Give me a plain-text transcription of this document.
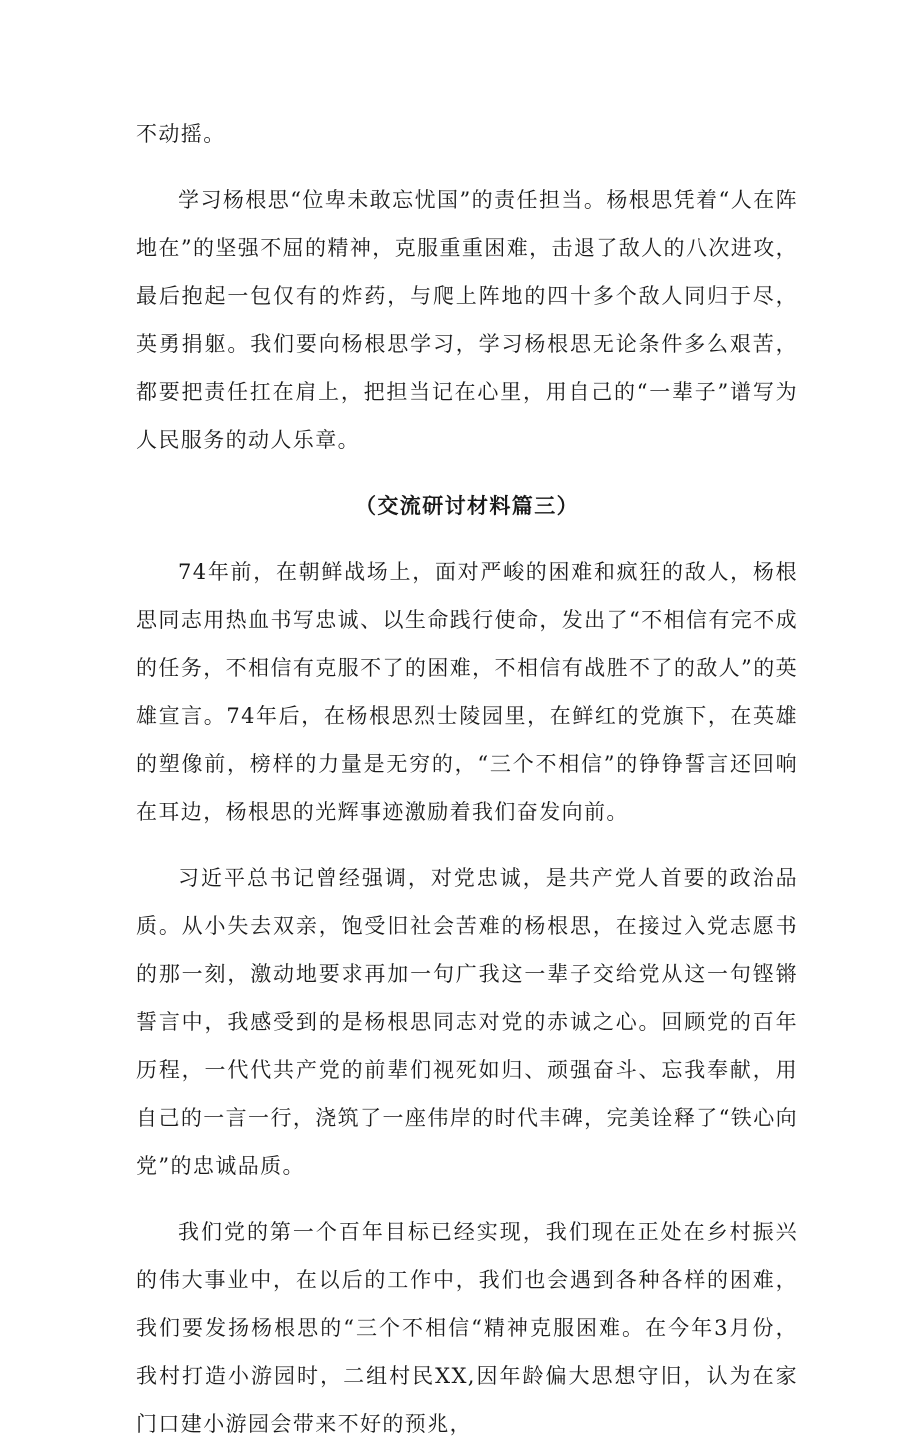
不动摇。

学习杨根思“位卑未敢忘忧国”的责任担当。杨根思凭着“人在阵地在”的坚强不屈的精神，克服重重困难，击退了敌人的八次进攻，最后抱起一包仅有的炸药，与爬上阵地的四十多个敌人同归于尽，英勇捐躯。我们要向杨根思学习，学习杨根思无论条件多么艰苦，都要把责任扛在肩上，把担当记在心里，用自己的“一辈子”谱写为人民服务的动人乐章。

（交流研讨材料篇三）

74年前，在朝鲜战场上，面对严峻的困难和疯狂的敌人，杨根思同志用热血书写忠诚、以生命践行使命，发出了“不相信有完不成的任务，不相信有克服不了的困难，不相信有战胜不了的敌人”的英雄宣言。74年后，在杨根思烈士陵园里，在鲜红的党旗下，在英雄的塑像前，榜样的力量是无穷的，“三个不相信”的铮铮誓言还回响在耳边，杨根思的光辉事迹激励着我们奋发向前。

习近平总书记曾经强调，对党忠诚，是共产党人首要的政治品质。从小失去双亲，饱受旧社会苦难的杨根思，在接过入党志愿书的那一刻，激动地要求再加一句广我这一辈子交给党从这一句铿锵誓言中，我感受到的是杨根思同志对党的赤诚之心。回顾党的百年历程，一代代共产党的前辈们视死如归、顽强奋斗、忘我奉献，用自己的一言一行，浇筑了一座伟岸的时代丰碑，完美诠释了“铁心向党”的忠诚品质。

我们党的第一个百年目标已经实现，我们现在正处在乡村振兴的伟大事业中，在以后的工作中，我们也会遇到各种各样的困难，我们要发扬杨根思的“三个不相信“精神克服困难。在今年3月份，我村打造小游园时，二组村民XX,因年龄偏大思想守旧，认为在家门口建小游园会带来不好的预兆，
